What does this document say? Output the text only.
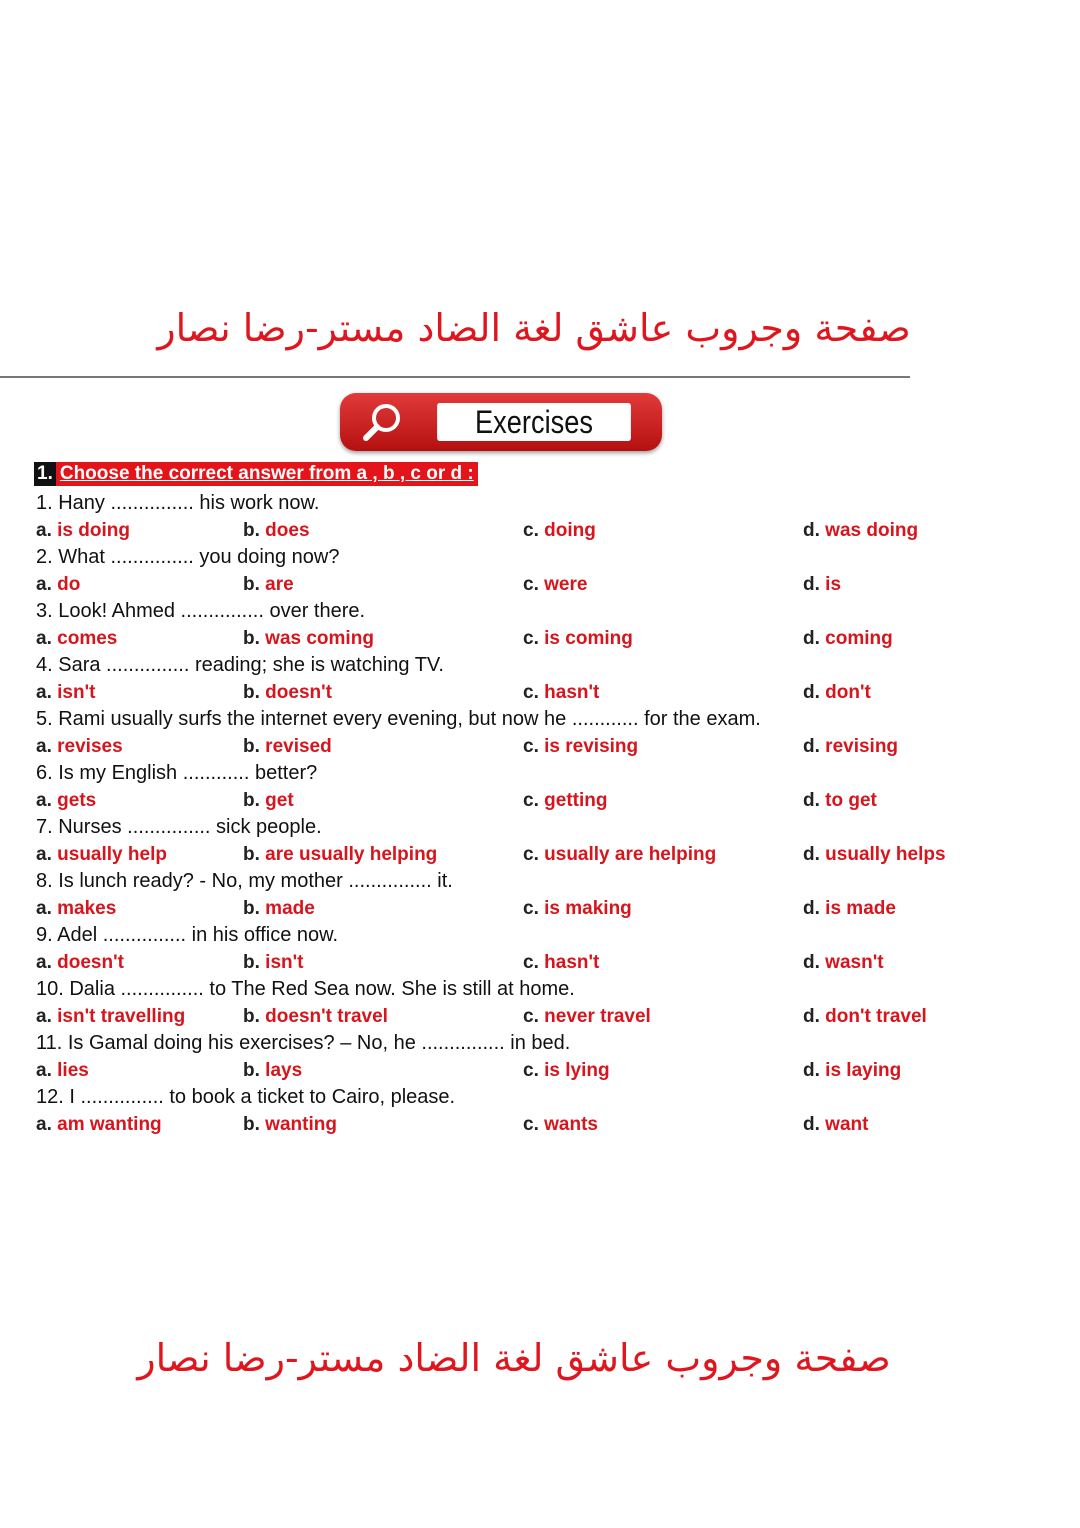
صفحة وجروب عاشق لغة الضاد مستر-رضا نصار
Exercises
1. Choose the correct answer from a , b , c or d :
1. Hany ............... his work now.
a. is doing	b. does	c. doing	d. was doing
2. What ............... you doing now?
a. do	b. are	c. were	d. is
3. Look! Ahmed ............... over there.
a. comes	b. was coming	c. is coming	d. coming
4. Sara ............... reading; she is watching TV.
a. isn't	b. doesn't	c. hasn't	d. don't
5. Rami usually surfs the internet every evening, but now he ............ for the exam.
a. revises	b. revised	c. is revising	d. revising
6. Is my English ............ better?
a. gets	b. get	c. getting	d. to get
7. Nurses ............... sick people.
a. usually help	b. are usually helping	c. usually are helping	d. usually helps
8. Is lunch ready? - No, my mother ............... it.
a. makes	b. made	c. is making	d. is made
9. Adel ............... in his office now.
a. doesn't	b. isn't	c. hasn't	d. wasn't
10. Dalia ............... to The Red Sea now. She is still at home.
a. isn't travelling	b. doesn't travel	c. never travel	d. don't travel
11. Is Gamal doing his exercises? – No, he ............... in bed.
a. lies	b. lays	c. is lying	d. is laying
12. I ............... to book a ticket to Cairo, please.
a. am wanting	b. wanting	c. wants	d. want
صفحة وجروب عاشق لغة الضاد مستر-رضا نصار
